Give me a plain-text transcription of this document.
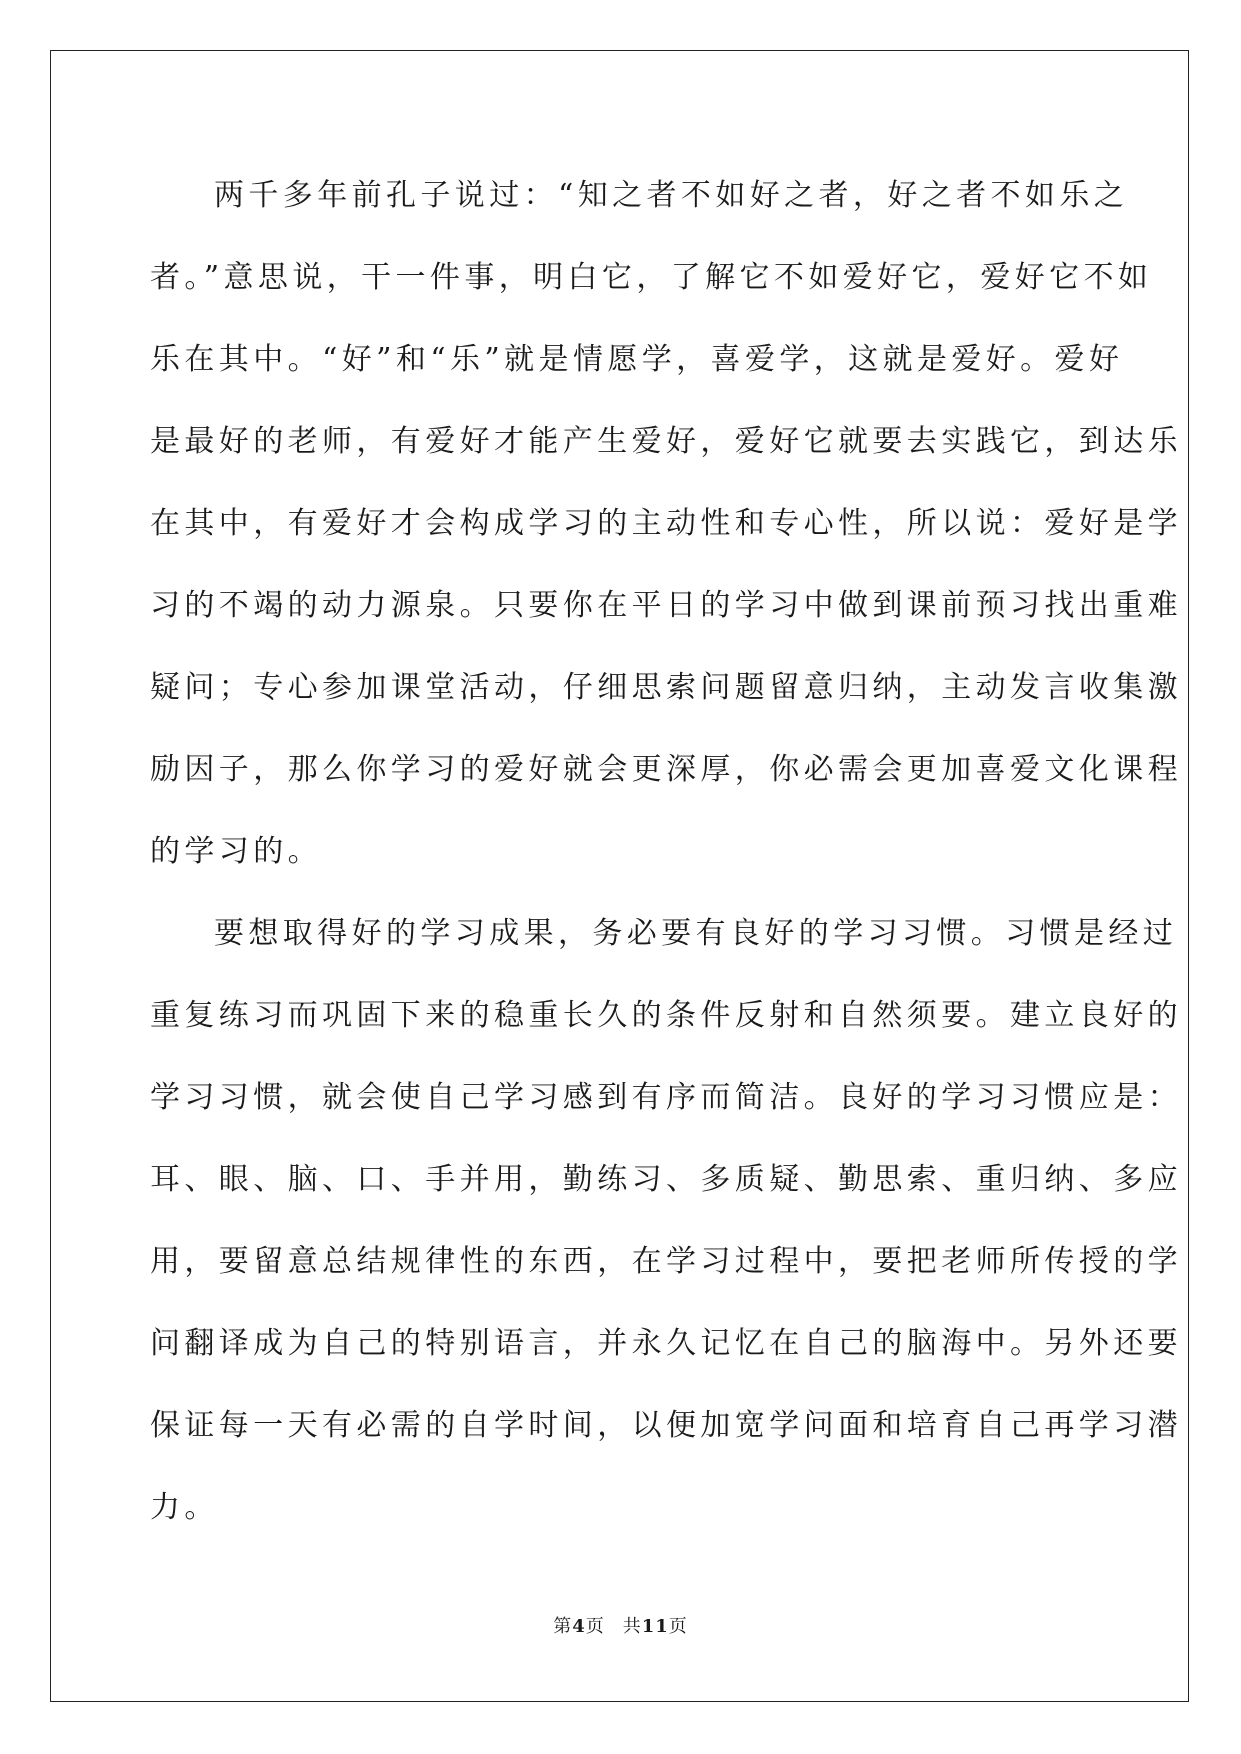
两千多年前孔子说过：“知之者不如好之者，好之者不如乐之
者。”意思说，干一件事，明白它，了解它不如爱好它，爱好它不如
乐在其中。“好”和“乐”就是情愿学，喜爱学，这就是爱好。爱好
是最好的老师，有爱好才能产生爱好，爱好它就要去实践它，到达乐
在其中，有爱好才会构成学习的主动性和专心性，所以说：爱好是学
习的不竭的动力源泉。只要你在平日的学习中做到课前预习找出重难
疑问；专心参加课堂活动，仔细思索问题留意归纳，主动发言收集激
励因子，那么你学习的爱好就会更深厚，你必需会更加喜爱文化课程
的学习的。
要想取得好的学习成果，务必要有良好的学习习惯。习惯是经过
重复练习而巩固下来的稳重长久的条件反射和自然须要。建立良好的
学习习惯，就会使自己学习感到有序而简洁。良好的学习习惯应是：
耳、眼、脑、口、手并用，勤练习、多质疑、勤思索、重归纳、多应
用，要留意总结规律性的东西，在学习过程中，要把老师所传授的学
问翻译成为自己的特别语言，并永久记忆在自己的脑海中。另外还要
保证每一天有必需的自学时间，以便加宽学问面和培育自己再学习潜
力。
第4页 共11页
